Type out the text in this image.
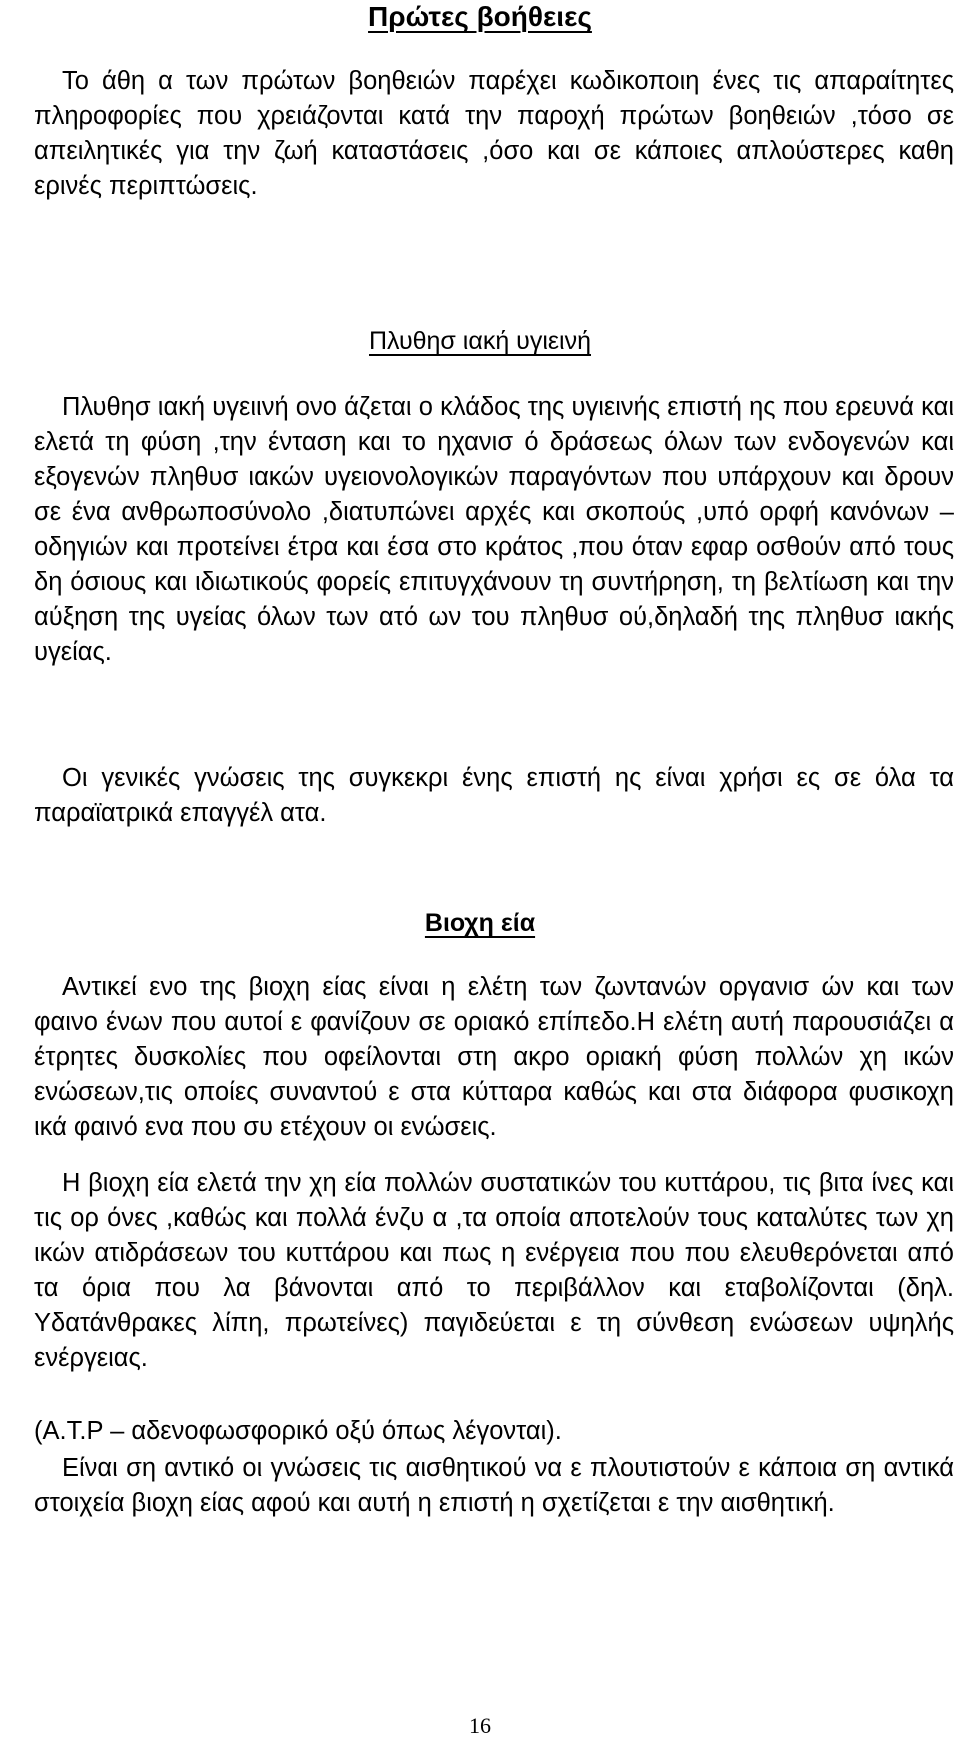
Πρώτες βοήθειες

Το άθη α των πρώτων βοηθειών παρέχει κωδικοποιη ένες τις απαραίτητες πληροφορίες που χρειάζονται κατά την παροχή πρώτων βοηθειών ,τόσο σε απειλητικές για την ζωή καταστάσεις ,όσο και σε κάποιες απλούστερες καθη ερινές περιπτώσεις.

Πλυθησ ιακή υγιεινή

Πλυθησ ιακή υγειινή ονο άζεται ο κλάδος της υγιεινής επιστή ης που ερευνά και ελετά τη φύση ,την ένταση και το ηχανισ ό δράσεως όλων των ενδογενών και εξογενών πληθυσ ιακών υγειονολογικών παραγόντων που υπάρχουν και δρουν σε ένα ανθρωποσύνολο ,διατυπώνει αρχές και σκοπούς ,υπό ορφή κανόνων –οδηγιών και προτείνει έτρα και έσα στο κράτος ,που όταν εφαρ οσθούν από τους δη όσιους και ιδιωτικούς φορείς επιτυγχάνουν τη συντήρηση, τη βελτίωση και την αύξηση της υγείας όλων των ατό ων του πληθυσ ού,δηλαδή της πληθυσ ιακής υγείας.

Οι γενικές γνώσεις της συγκεκρι ένης επιστή ης είναι χρήσι ες σε όλα τα παραϊατρικά επαγγέλ ατα.

Βιοχη εία

Αντικεί ενο της βιοχη είας είναι η ελέτη των ζωντανών οργανισ ών και των φαινο ένων που αυτοί ε φανίζουν σε οριακό επίπεδο.Η ελέτη αυτή παρουσιάζει α έτρητες δυσκολίες που οφείλονται στη ακρο οριακή φύση πολλών χη ικών ενώσεων,τις οποίες συναντού ε στα κύτταρα καθώς και στα διάφορα φυσικοχη ικά φαινό ενα που συ ετέχουν οι ενώσεις.

Η βιοχη εία ελετά την χη εία πολλών συστατικών του κυττάρου, τις βιτα ίνες και τις ορ όνες ,καθώς και πολλά ένζυ α ,τα οποία αποτελούν τους καταλύτες των χη ικών ατιδράσεων του κυττάρου και πως η ενέργεια που που ελευθερόνεται από τα όρια που λα βάνονται από το περιβάλλον και εταβολίζονται (δηλ. Υδατάνθρακες λίπη, πρωτείνες) παγιδεύεται ε τη σύνθεση ενώσεων υψηλής ενέργειας.

(Α.Τ.Ρ – αδενοφωσφορικό οξύ όπως λέγονται).

Είναι ση αντικό οι γνώσεις τις αισθητικού να ε πλουτιστούν ε κάποια ση αντικά στοιχεία βιοχη είας αφού και αυτή η επιστή η σχετίζεται ε την αισθητική.

16
